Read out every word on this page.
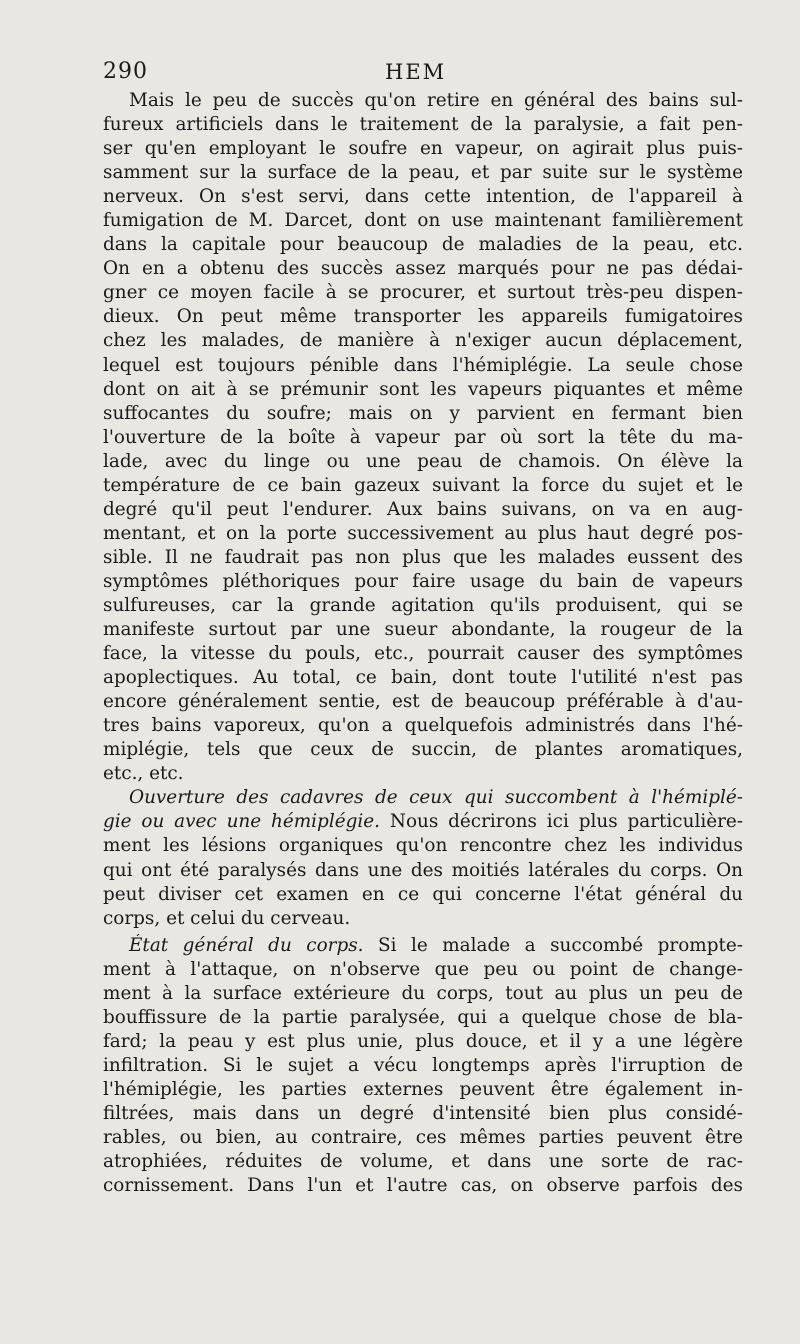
290	HEM
Mais le peu de succès qu'on retire en général des bains sul-
fureux artificiels dans le traitement de la paralysie, a fait pen-
ser qu'en employant le soufre en vapeur, on agirait plus puis-
samment sur la surface de la peau, et par suite sur le système
nerveux. On s'est servi, dans cette intention, de l'appareil à
fumigation de M. Darcet, dont on use maintenant familièrement
dans la capitale pour beaucoup de maladies de la peau, etc.
On en a obtenu des succès assez marqués pour ne pas dédai-
gner ce moyen facile à se procurer, et surtout très-peu dispen-
dieux. On peut même transporter les appareils fumigatoires
chez les malades, de manière à n'exiger aucun déplacement,
lequel est toujours pénible dans l'hémiplégie. La seule chose
dont on ait à se prémunir sont les vapeurs piquantes et même
suffocantes du soufre; mais on y parvient en fermant bien
l'ouverture de la boîte à vapeur par où sort la tête du ma-
lade, avec du linge ou une peau de chamois. On élève la
température de ce bain gazeux suivant la force du sujet et le
degré qu'il peut l'endurer. Aux bains suivans, on va en aug-
mentant, et on la porte successivement au plus haut degré pos-
sible. Il ne faudrait pas non plus que les malades eussent des
symptômes pléthoriques pour faire usage du bain de vapeurs
sulfureuses, car la grande agitation qu'ils produisent, qui se
manifeste surtout par une sueur abondante, la rougeur de la
face, la vitesse du pouls, etc., pourrait causer des symptômes
apoplectiques. Au total, ce bain, dont toute l'utilité n'est pas
encore généralement sentie, est de beaucoup préférable à d'au-
tres bains vaporeux, qu'on a quelquefois administrés dans l'hé-
miplégie, tels que ceux de succin, de plantes aromatiques,
etc., etc.
Ouverture des cadavres de ceux qui succombent à l'hémiplé-
gie ou avec une hémiplégie. Nous décrirons ici plus particulière-
ment les lésions organiques qu'on rencontre chez les individus
qui ont été paralysés dans une des moitiés latérales du corps. On
peut diviser cet examen en ce qui concerne l'état général du
corps, et celui du cerveau.
État général du corps. Si le malade a succombé prompte-
ment à l'attaque, on n'observe que peu ou point de change-
ment à la surface extérieure du corps, tout au plus un peu de
bouffissure de la partie paralysée, qui a quelque chose de bla-
fard; la peau y est plus unie, plus douce, et il y a une légère
infiltration. Si le sujet a vécu longtemps après l'irruption de
l'hémiplégie, les parties externes peuvent être également in-
filtrées, mais dans un degré d'intensité bien plus considé-
rables, ou bien, au contraire, ces mêmes parties peuvent être
atrophiées, réduites de volume, et dans une sorte de rac-
cornissement. Dans l'un et l'autre cas, on observe parfois des
